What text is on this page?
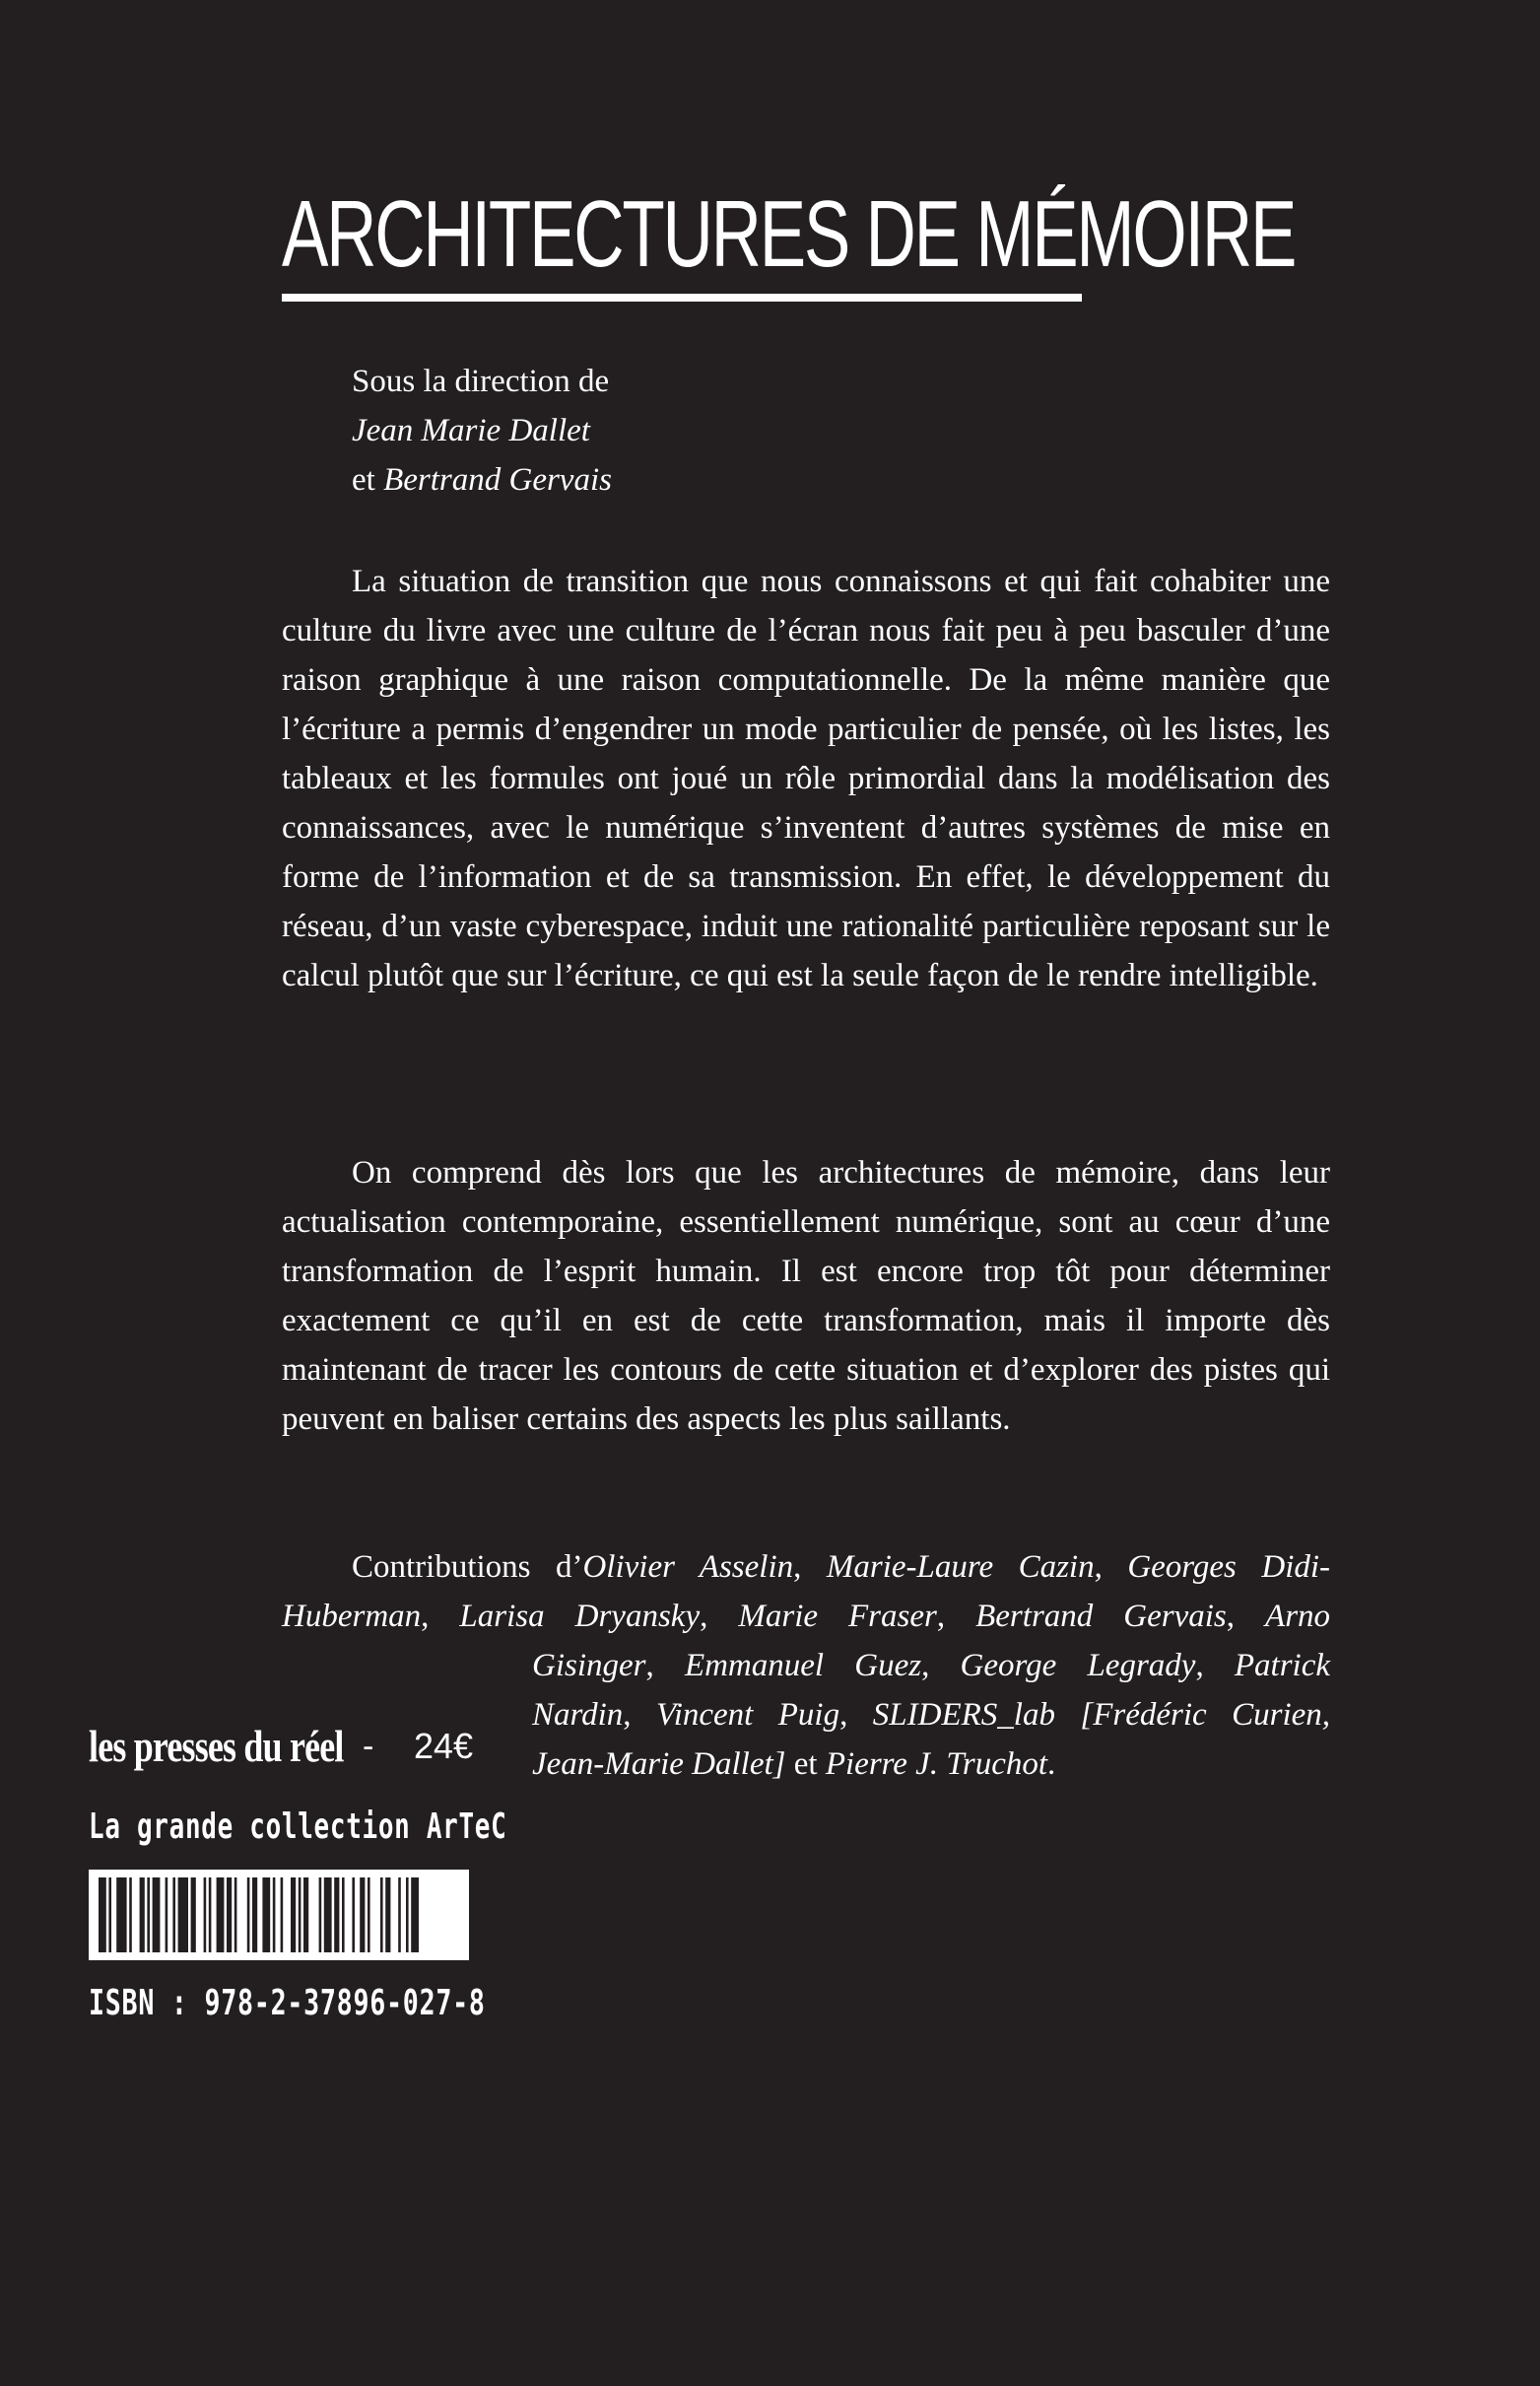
ARCHITECTURES DE MÉMOIRE
Sous la direction de
Jean Marie Dallet
et Bertrand Gervais

La situation de transition que nous connaissons et qui fait cohabiter une culture du livre avec une culture de l’écran nous fait peu à peu basculer d’une raison graphique à une raison computationnelle. De la même manière que l’écriture a permis d’engendrer un mode particulier de pensée, où les listes, les tableaux et les formules ont joué un rôle primordial dans la modélisation des connaissances, avec le numérique s’inventent d’autres systèmes de mise en forme de l’information et de sa transmission. En effet, le développement du réseau, d’un vaste cyberespace, induit une rationalité particulière reposant sur le calcul plutôt que sur l’écriture, ce qui est la seule façon de le rendre intelligible.

On comprend dès lors que les architectures de mémoire, dans leur actualisation contemporaine, essentiellement numérique, sont au cœur d’une transformation de l’esprit humain. Il est encore trop tôt pour déterminer exactement ce qu’il en est de cette transformation, mais il importe dès maintenant de tracer les contours de cette situation et d’explorer des pistes qui peuvent en baliser certains des aspects les plus saillants.

Contributions d’Olivier Asselin, Marie-Laure Cazin, Georges Didi-
Huberman, Larisa Dryansky, Marie Fraser, Bertrand Gervais, Arno
Gisinger, Emmanuel Guez, George Legrady, Patrick
Nardin, Vincent Puig, SLIDERS_lab [Frédéric Curien,
Jean-Marie Dallet] et Pierre J. Truchot.
les presses du réel - 24€
La grande collection ArTeC
ISBN : 978-2-37896-027-8
